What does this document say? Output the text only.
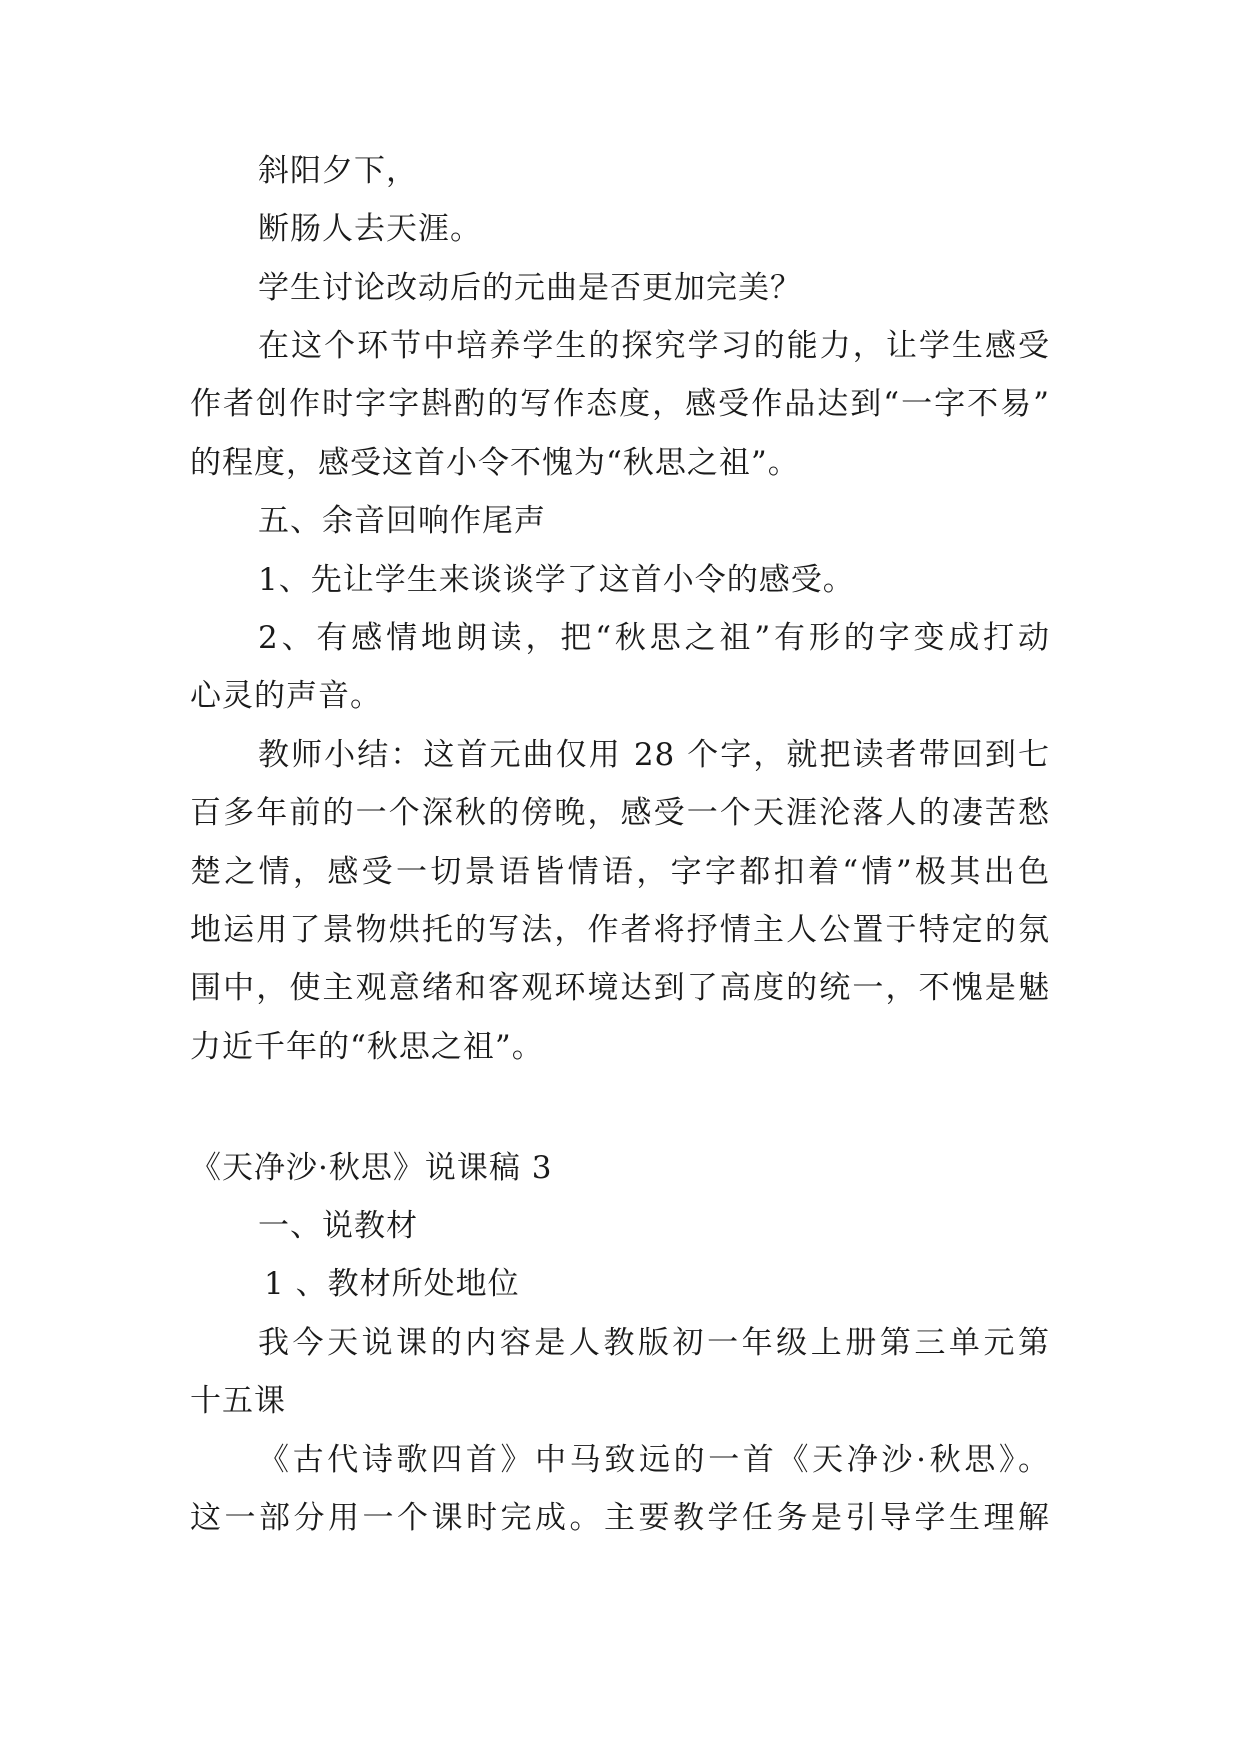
斜阳夕下，
断肠人去天涯。
学生讨论改动后的元曲是否更加完美？
在这个环节中培养学生的探究学习的能力，让学生感受
作者创作时字字斟酌的写作态度，感受作品达到“一字不易”
的程度，感受这首小令不愧为“秋思之祖”。
五、余音回响作尾声
1、先让学生来谈谈学了这首小令的感受。
2、有感情地朗读，把“秋思之祖”有形的字变成打动
心灵的声音。
教师小结：这首元曲仅用 28 个字，就把读者带回到七
百多年前的一个深秋的傍晚，感受一个天涯沦落人的凄苦愁
楚之情，感受一切景语皆情语，字字都扣着“情”极其出色
地运用了景物烘托的写法，作者将抒情主人公置于特定的氛
围中，使主观意绪和客观环境达到了高度的统一，不愧是魅
力近千年的“秋思之祖”。
《天净沙·秋思》说课稿 3
一、说教材
1 、教材所处地位
我今天说课的内容是人教版初一年级上册第三单元第
十五课
《古代诗歌四首》中马致远的一首《天净沙·秋思》。
这一部分用一个课时完成。主要教学任务是引导学生理解
